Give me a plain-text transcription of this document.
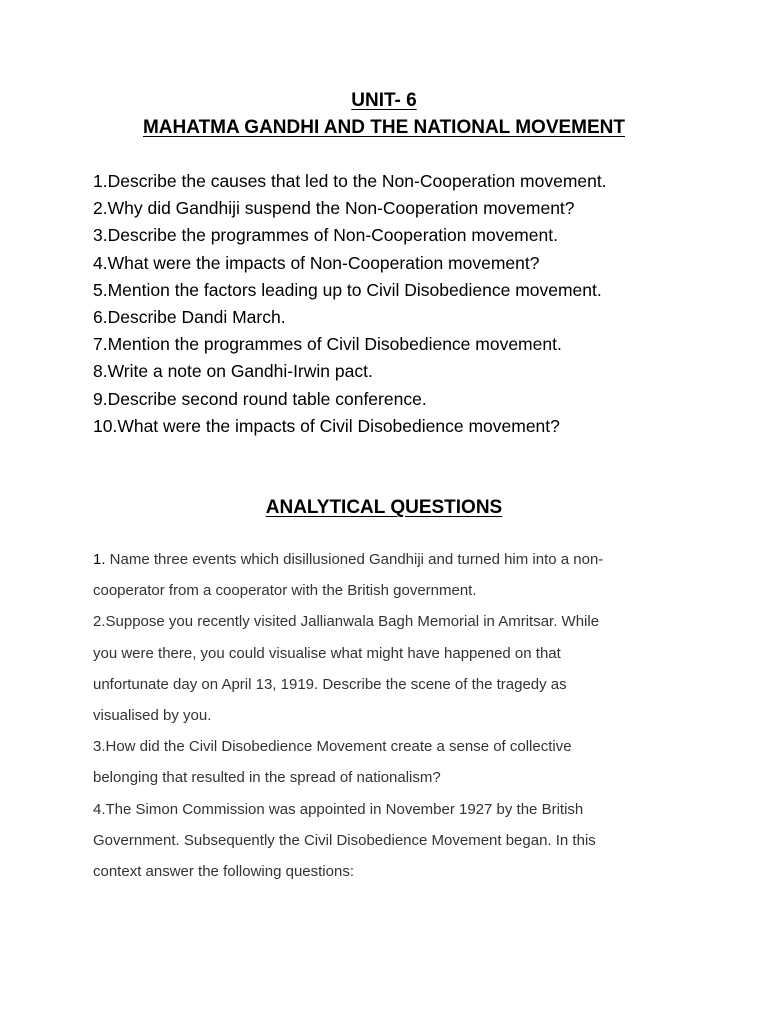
UNIT- 6
MAHATMA GANDHI AND THE NATIONAL MOVEMENT
1.Describe the causes that led to the Non-Cooperation movement.
2.Why did Gandhiji suspend the Non-Cooperation movement?
3.Describe the programmes of Non-Cooperation movement.
4.What were the impacts of Non-Cooperation movement?
5.Mention the factors leading up to Civil Disobedience movement.
6.Describe Dandi March.
7.Mention the programmes of Civil Disobedience movement.
8.Write a note on Gandhi-Irwin pact.
9.Describe second round table conference.
10.What were the impacts of Civil Disobedience movement?
ANALYTICAL QUESTIONS
1. Name three events which disillusioned Gandhiji and turned him into a non-
cooperator from a cooperator with the British government.
2.Suppose you recently visited Jallianwala Bagh Memorial in Amritsar. While
you were there, you could visualise what might have happened on that
unfortunate day on April 13, 1919. Describe the scene of the tragedy as
visualised by you.
3.How did the Civil Disobedience Movement create a sense of collective
belonging that resulted in the spread of nationalism?
4.The Simon Commission was appointed in November 1927 by the British
Government. Subsequently the Civil Disobedience Movement began. In this
context answer the following questions:
